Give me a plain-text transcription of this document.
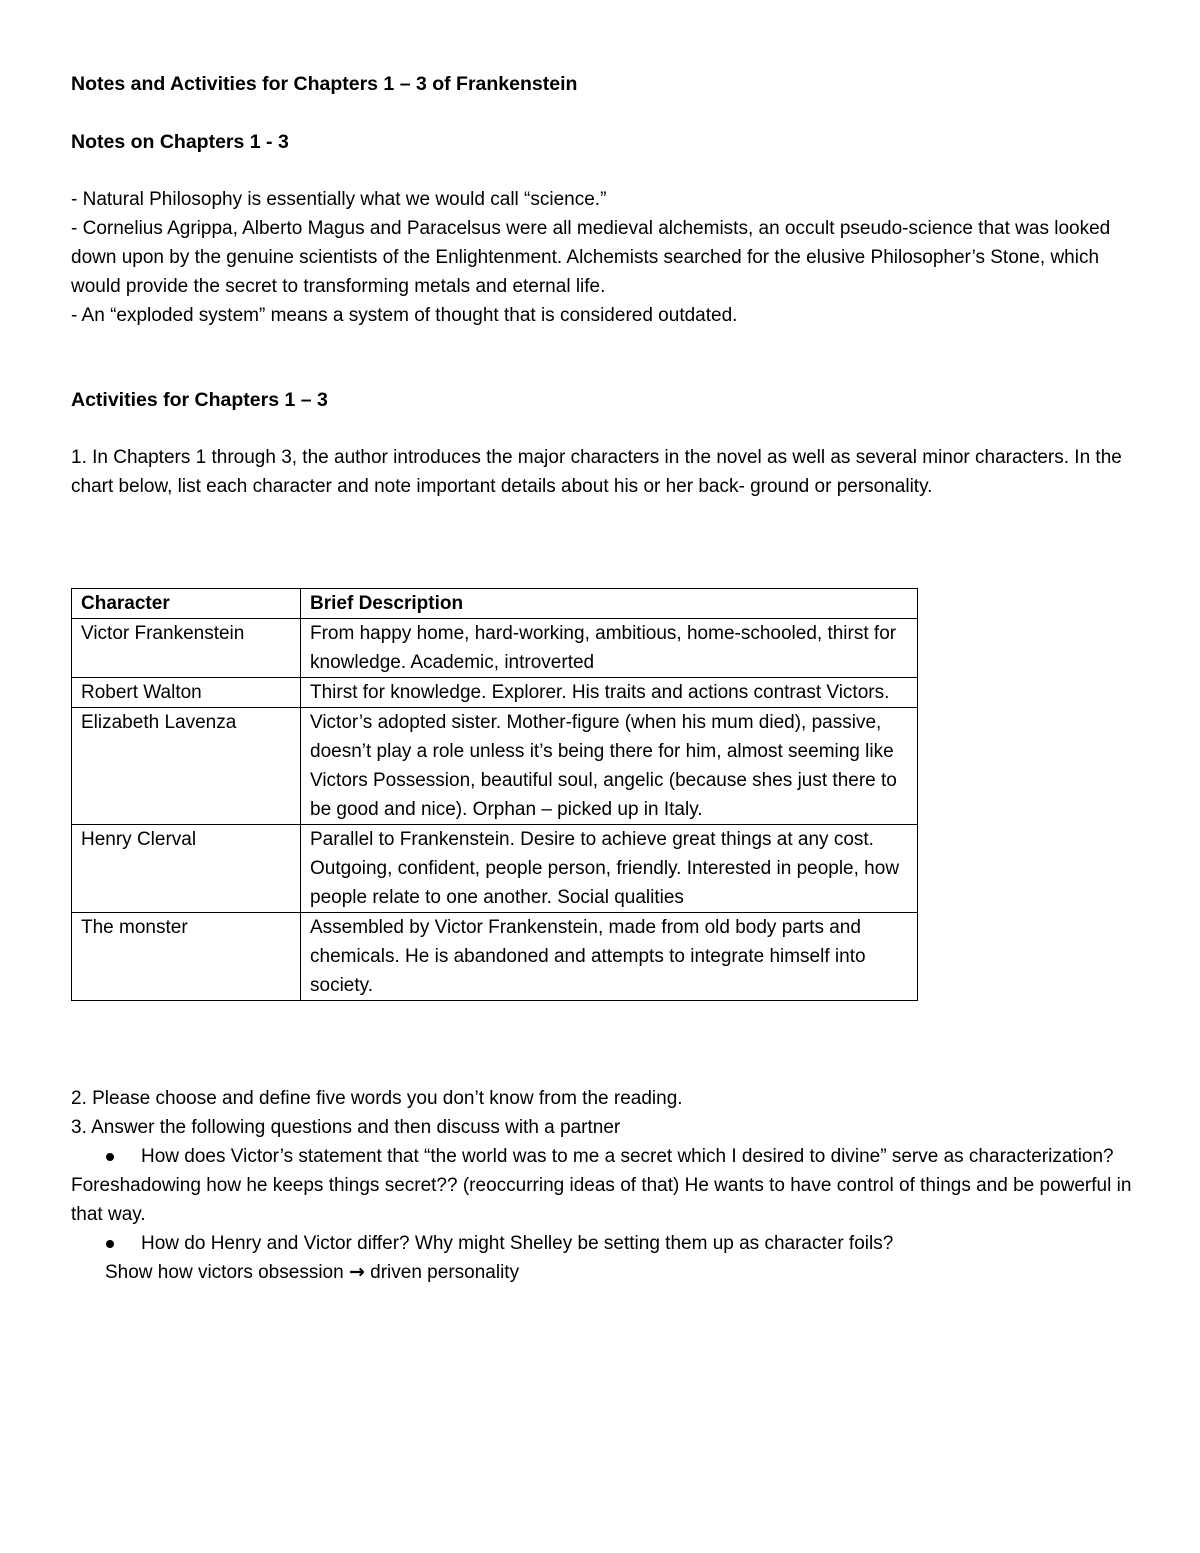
Notes and Activities for Chapters 1 – 3 of Frankenstein

Notes on Chapters 1 - 3

- Natural Philosophy is essentially what we would call “science.”

- Cornelius Agrippa, Alberto Magus and Paracelsus were all medieval alchemists, an occult pseudo-science that was looked down upon by the genuine scientists of the Enlightenment. Alchemists searched for the elusive Philosopher’s Stone, which would provide the secret to transforming metals and eternal life.

- An “exploded system” means a system of thought that is considered outdated.

Activities for Chapters 1 – 3

1. In Chapters 1 through 3, the author introduces the major characters in the novel as well as several minor characters. In the chart below, list each character and note important details about his or her back- ground or personality.

Character	Brief Description
Victor Frankenstein	From happy home, hard-working, ambitious, home-schooled, thirst for knowledge. Academic, introverted
Robert Walton	Thirst for knowledge. Explorer. His traits and actions contrast Victors.
Elizabeth Lavenza	Victor’s adopted sister. Mother-figure (when his mum died), passive, doesn’t play a role unless it’s being there for him, almost seeming like Victors Possession, beautiful soul, angelic (because shes just there to be good and nice). Orphan – picked up in Italy.
Henry Clerval	Parallel to Frankenstein. Desire to achieve great things at any cost. Outgoing, confident, people person, friendly. Interested in people, how people relate to one another. Social qualities
The monster	Assembled by Victor Frankenstein, made from old body parts and chemicals. He is abandoned and attempts to integrate himself into society.

2. Please choose and define five words you don’t know from the reading.

3. Answer the following questions and then discuss with a partner

How does Victor’s statement that “the world was to me a secret which I desired to divine” serve as characterization?

Foreshadowing how he keeps things secret?? (reoccurring ideas of that) He wants to have control of things and be powerful in that way.

How do Henry and Victor differ? Why might Shelley be setting them up as character foils?

Show how victors obsession → driven personality
